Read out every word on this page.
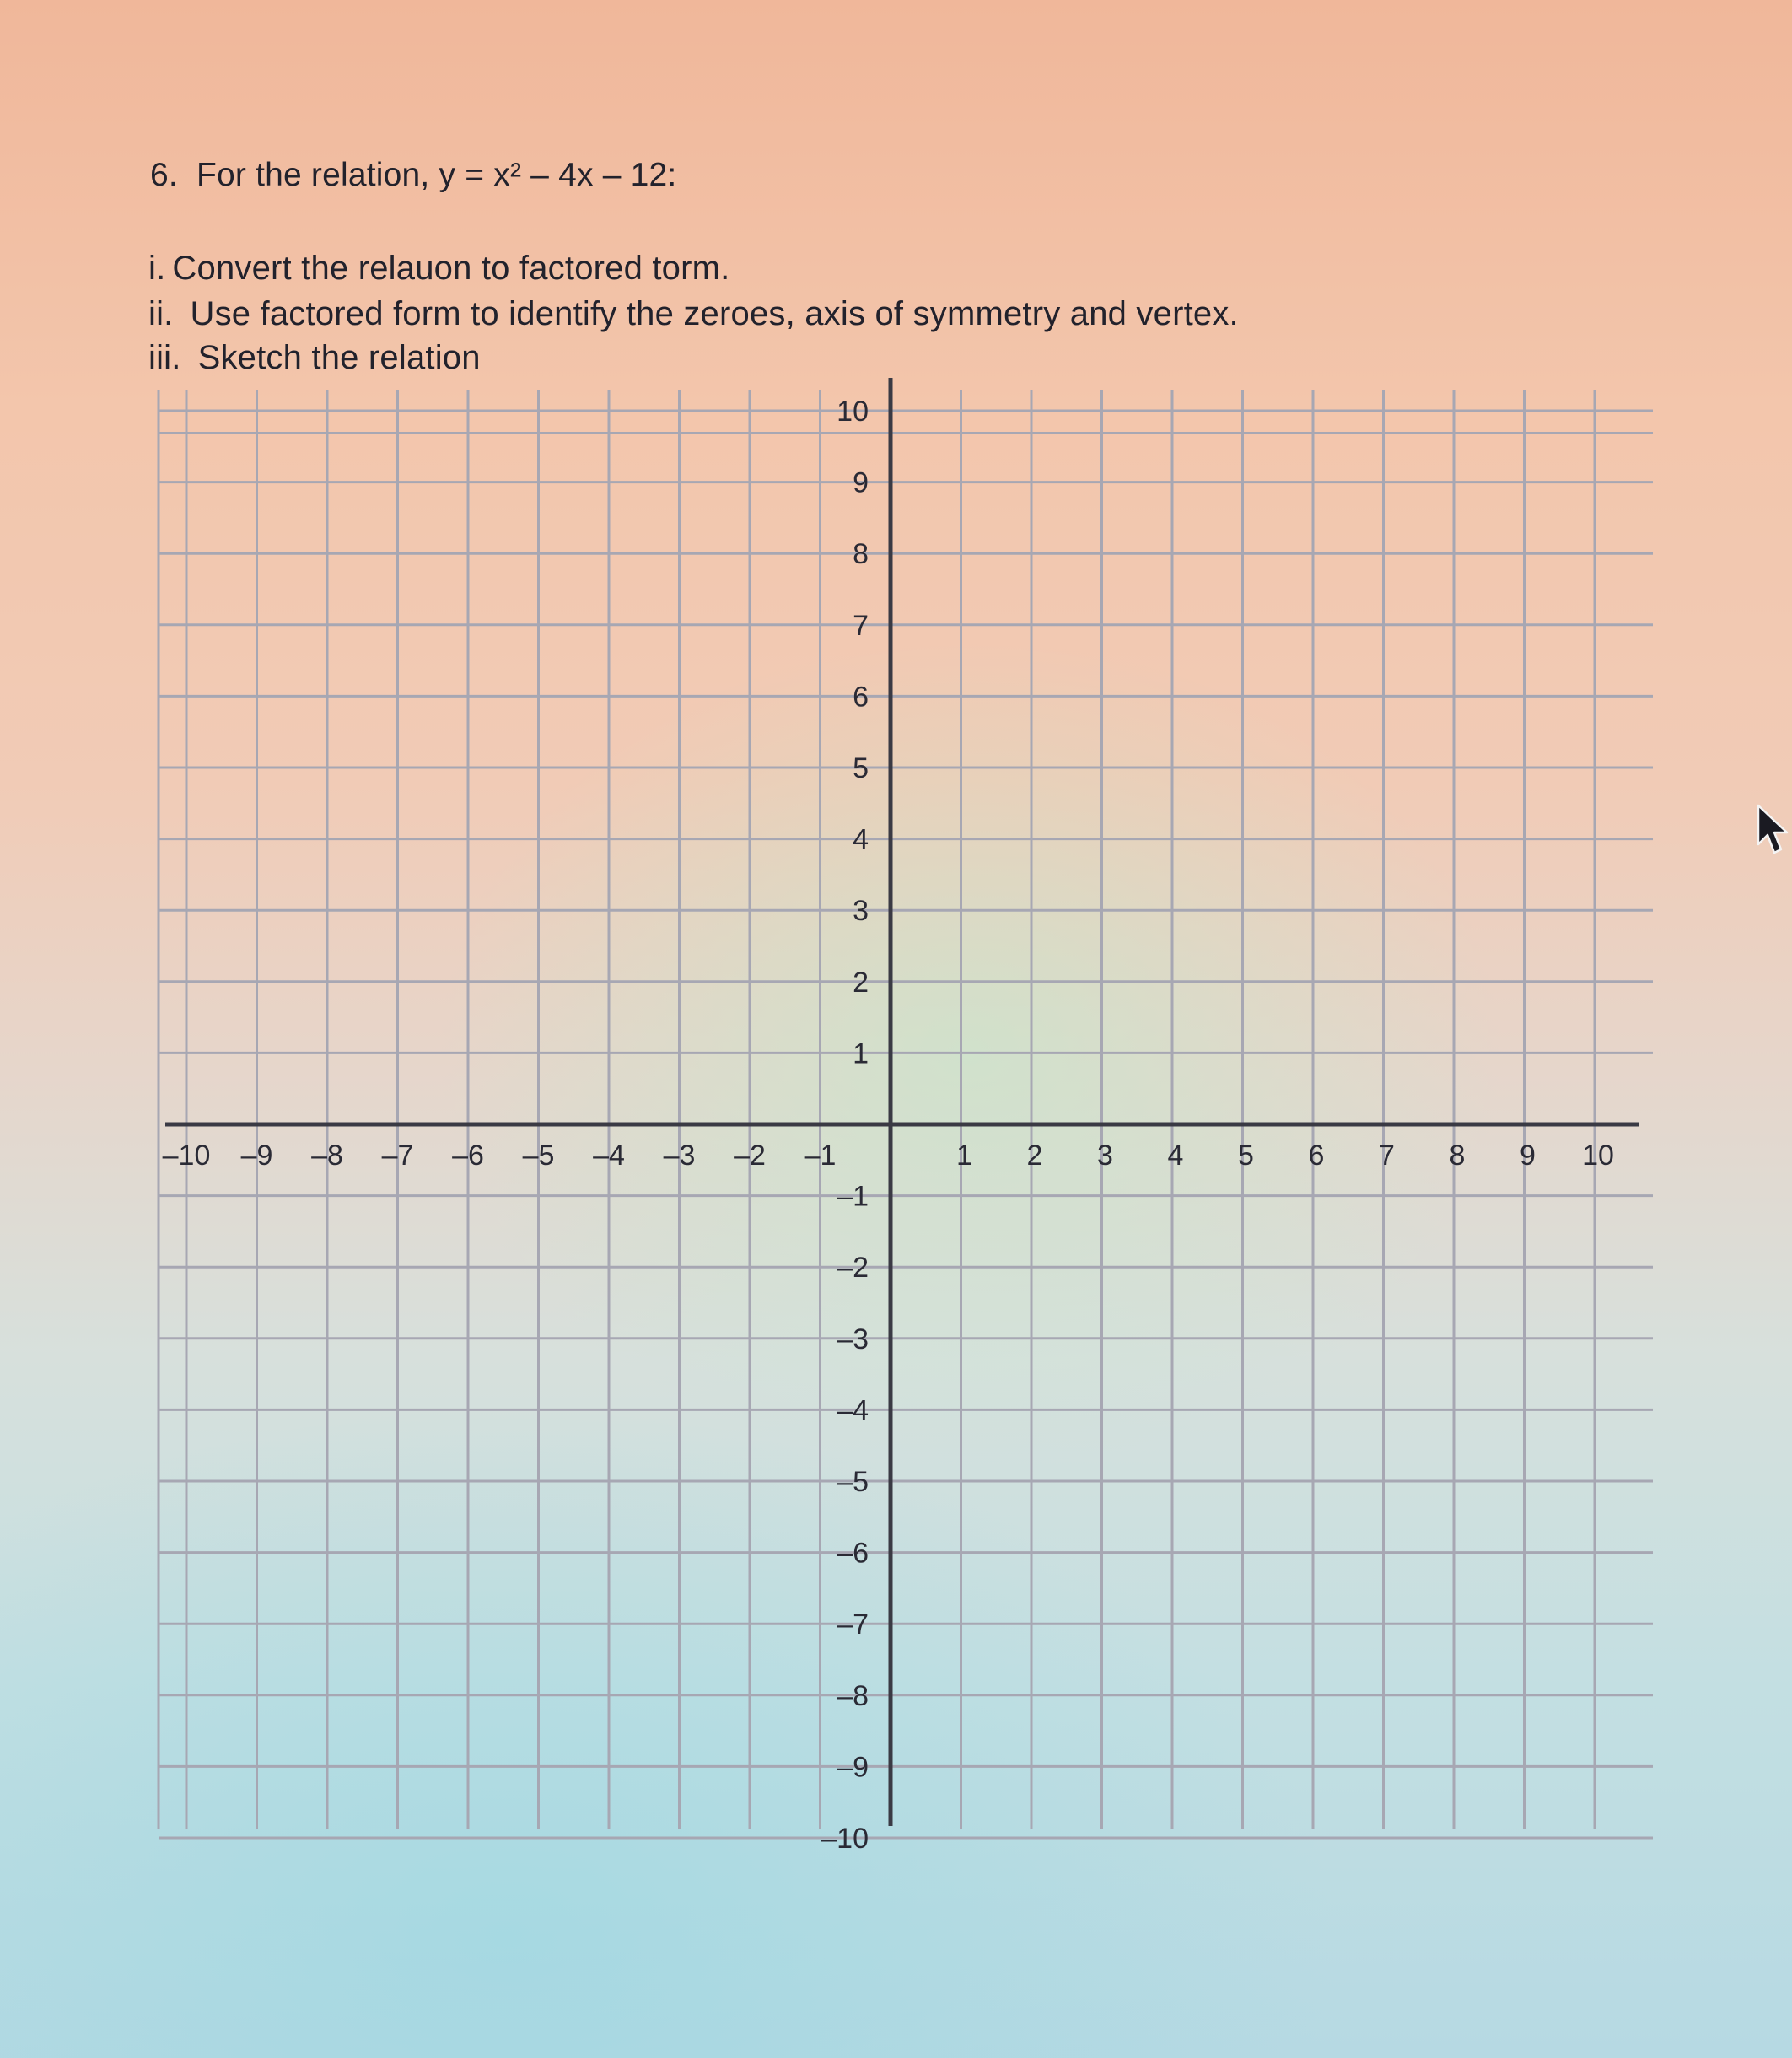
6. For the relation, y = x² – 4x – 12:
i. Convert the relauon to factored torm.
ii. Use factored form to identify the zeroes, axis of symmetry and vertex.
iii. Sketch the relation
–10 –9 –8 –7 –6 –5 –4 –3 –2 –1	1 2 3 4 5 6 7 8 9 10
10
9
8
7
6
5
4
3
2
1
–1
–2
–3
–4
–5
–6
–7
–8
–9
–10
